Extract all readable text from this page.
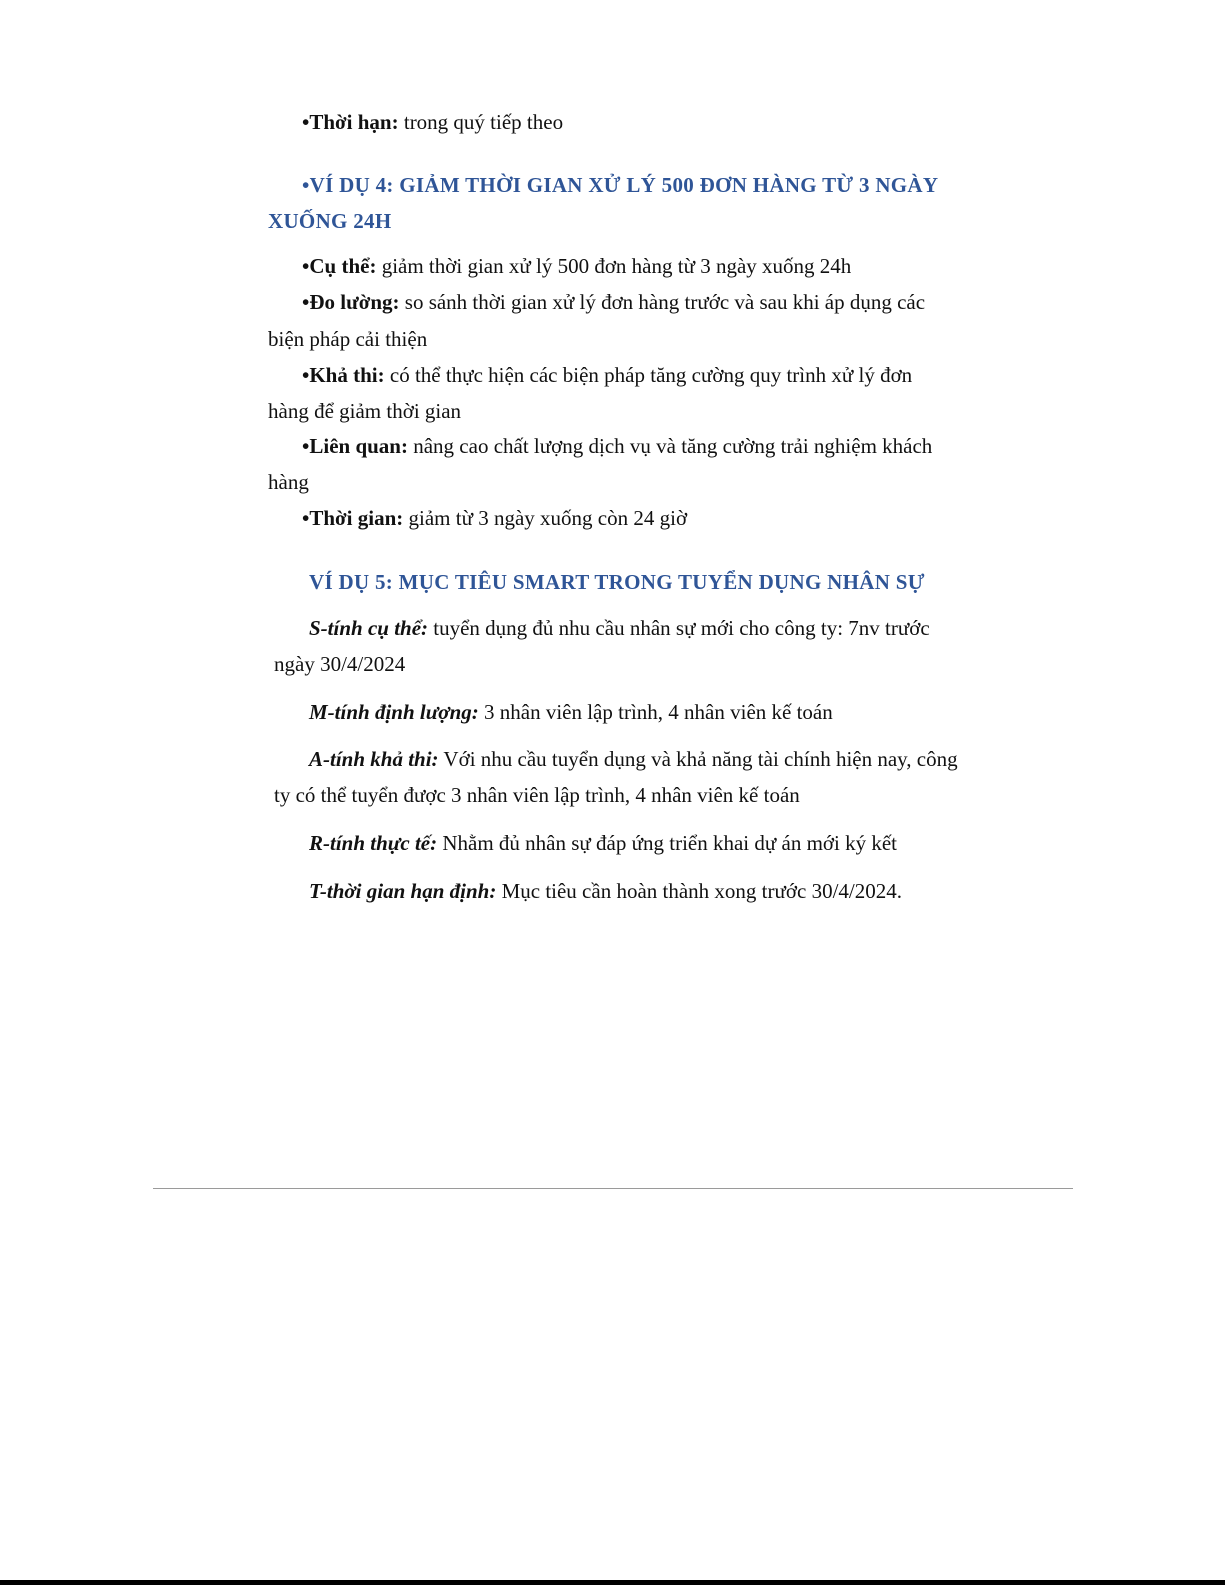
•Thời hạn: trong quý tiếp theo
•VÍ DỤ 4: GIẢM THỜI GIAN XỬ LÝ 500 ĐƠN HÀNG TỪ 3 NGÀY
XUỐNG 24H
•Cụ thể: giảm thời gian xử lý 500 đơn hàng từ 3 ngày xuống 24h
•Đo lường: so sánh thời gian xử lý đơn hàng trước và sau khi áp dụng các
biện pháp cải thiện
•Khả thi: có thể thực hiện các biện pháp tăng cường quy trình xử lý đơn
hàng để giảm thời gian
•Liên quan: nâng cao chất lượng dịch vụ và tăng cường trải nghiệm khách
hàng
•Thời gian: giảm từ 3 ngày xuống còn 24 giờ
VÍ DỤ 5: MỤC TIÊU SMART TRONG TUYỂN DỤNG NHÂN SỰ
S-tính cụ thể: tuyển dụng đủ nhu cầu nhân sự mới cho công ty: 7nv trước
ngày 30/4/2024
M-tính định lượng: 3 nhân viên lập trình, 4 nhân viên kế toán
A-tính khả thi: Với nhu cầu tuyển dụng và khả năng tài chính hiện nay, công
ty có thể tuyển được 3 nhân viên lập trình, 4 nhân viên kế toán
R-tính thực tế: Nhằm đủ nhân sự đáp ứng triển khai dự án mới ký kết
T-thời gian hạn định: Mục tiêu cần hoàn thành xong trước 30/4/2024.
